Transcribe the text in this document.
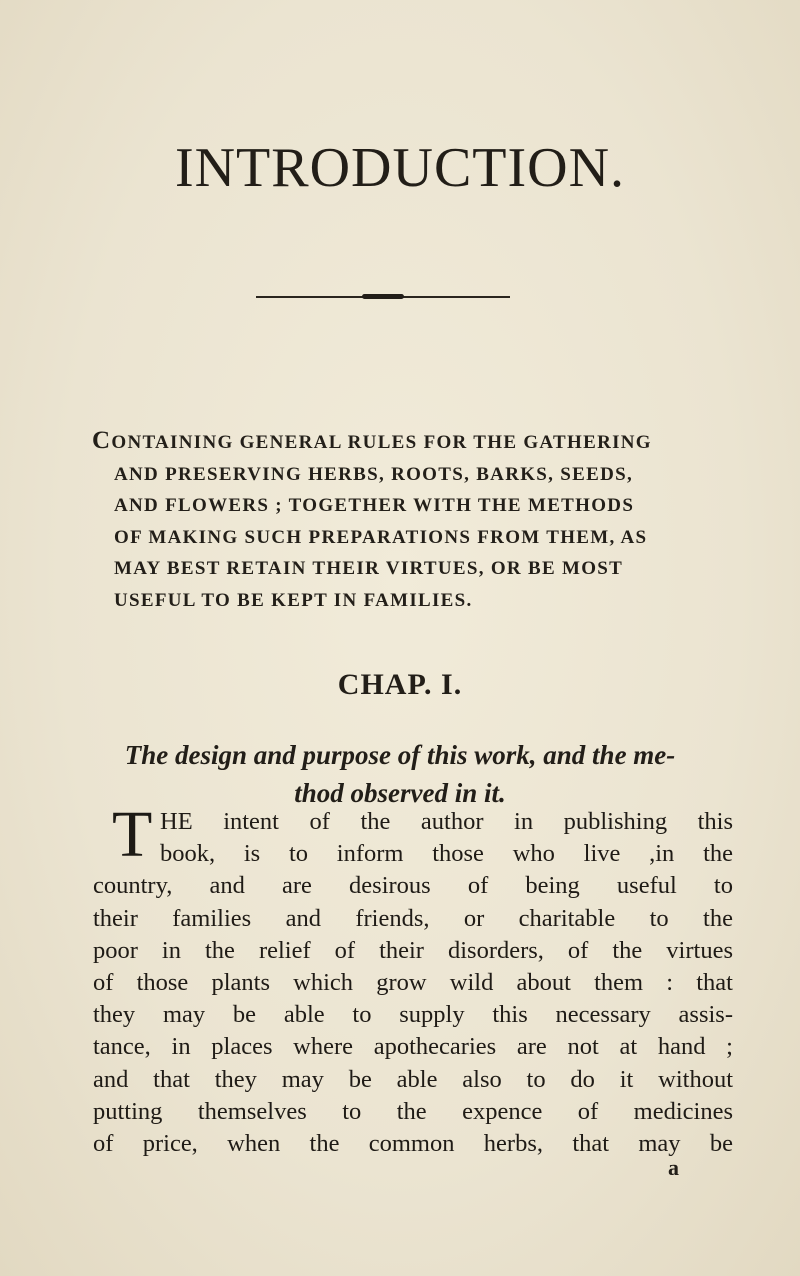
INTRODUCTION.
CONTAINING GENERAL RULES FOR THE GATHERING
AND PRESERVING HERBS, ROOTS, BARKS, SEEDS,
AND FLOWERS ; TOGETHER WITH THE METHODS
OF MAKING SUCH PREPARATIONS FROM THEM, AS
MAY BEST RETAIN THEIR VIRTUES, OR BE MOST
USEFUL TO BE KEPT IN FAMILIES.
CHAP. I.
The design and purpose of this work, and the me-
thod observed in it.
T HE intent of the author in publishing this
book, is to inform those who live ,in the
country, and are desirous of being useful to
their families and friends, or charitable to the
poor in the relief of their disorders, of the virtues
of those plants which grow wild about them : that
they may be able to supply this necessary assis-
tance, in places where apothecaries are not at hand ;
and that they may be able also to do it without
putting themselves to the expence of medicines
of price, when the common herbs, that may be
a
